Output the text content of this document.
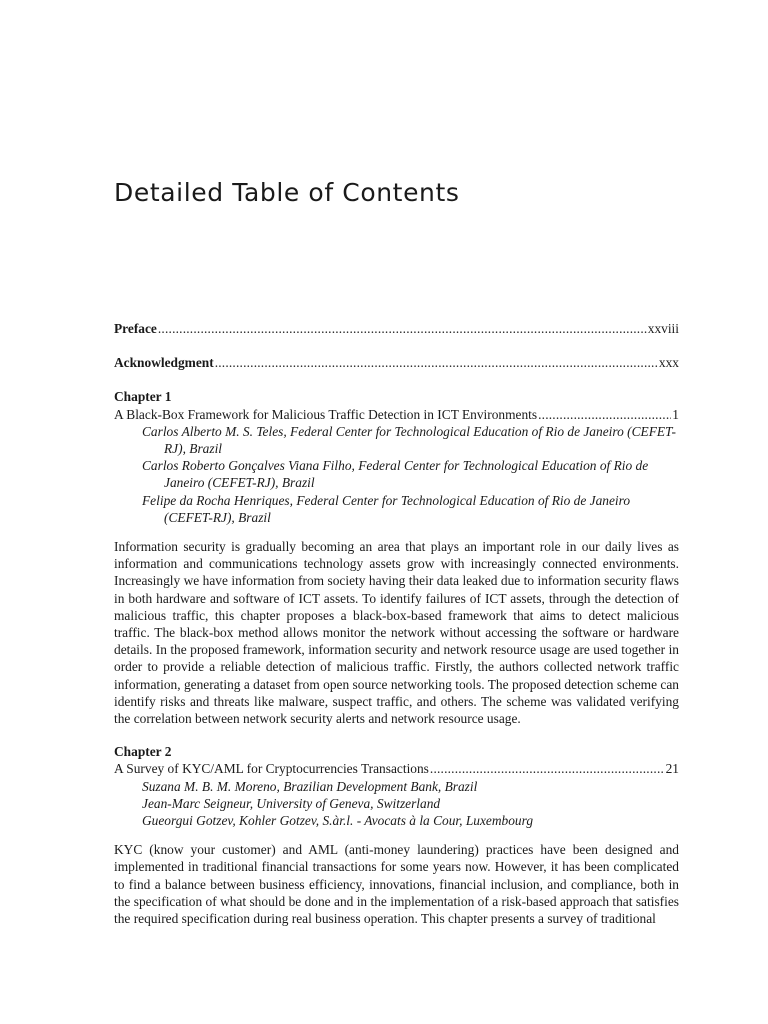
Detailed Table of Contents
Preface .....	xxviii
Acknowledgment .....	xxx
Chapter 1
A Black-Box Framework for Malicious Traffic Detection in ICT Environments .....	1
Carlos Alberto M. S. Teles, Federal Center for Technological Education of Rio de Janeiro (CEFET-RJ), Brazil
Carlos Roberto Gonçalves Viana Filho, Federal Center for Technological Education of Rio de Janeiro (CEFET-RJ), Brazil
Felipe da Rocha Henriques, Federal Center for Technological Education of Rio de Janeiro (CEFET-RJ), Brazil

Information security is gradually becoming an area that plays an important role in our daily lives as information and communications technology assets grow with increasingly connected environments. Increasingly we have information from society having their data leaked due to information security flaws in both hardware and software of ICT assets. To identify failures of ICT assets, through the detection of malicious traffic, this chapter proposes a black-box-based framework that aims to detect malicious traffic. The black-box method allows monitor the network without accessing the software or hardware details. In the proposed framework, information security and network resource usage are used together in order to provide a reliable detection of malicious traffic. Firstly, the authors collected network traffic information, generating a dataset from open source networking tools. The proposed detection scheme can identify risks and threats like malware, suspect traffic, and others. The scheme was validated verifying the correlation between network security alerts and network resource usage.

Chapter 2
A Survey of KYC/AML for Cryptocurrencies Transactions .....	21
Suzana M. B. M. Moreno, Brazilian Development Bank, Brazil
Jean-Marc Seigneur, University of Geneva, Switzerland
Gueorgui Gotzev, Kohler Gotzev, S.àr.l. - Avocats à la Cour, Luxembourg

KYC (know your customer) and AML (anti-money laundering) practices have been designed and implemented in traditional financial transactions for some years now. However, it has been complicated to find a balance between business efficiency, innovations, financial inclusion, and compliance, both in the specification of what should be done and in the implementation of a risk-based approach that satisfies the required specification during real business operation. This chapter presents a survey of traditional
